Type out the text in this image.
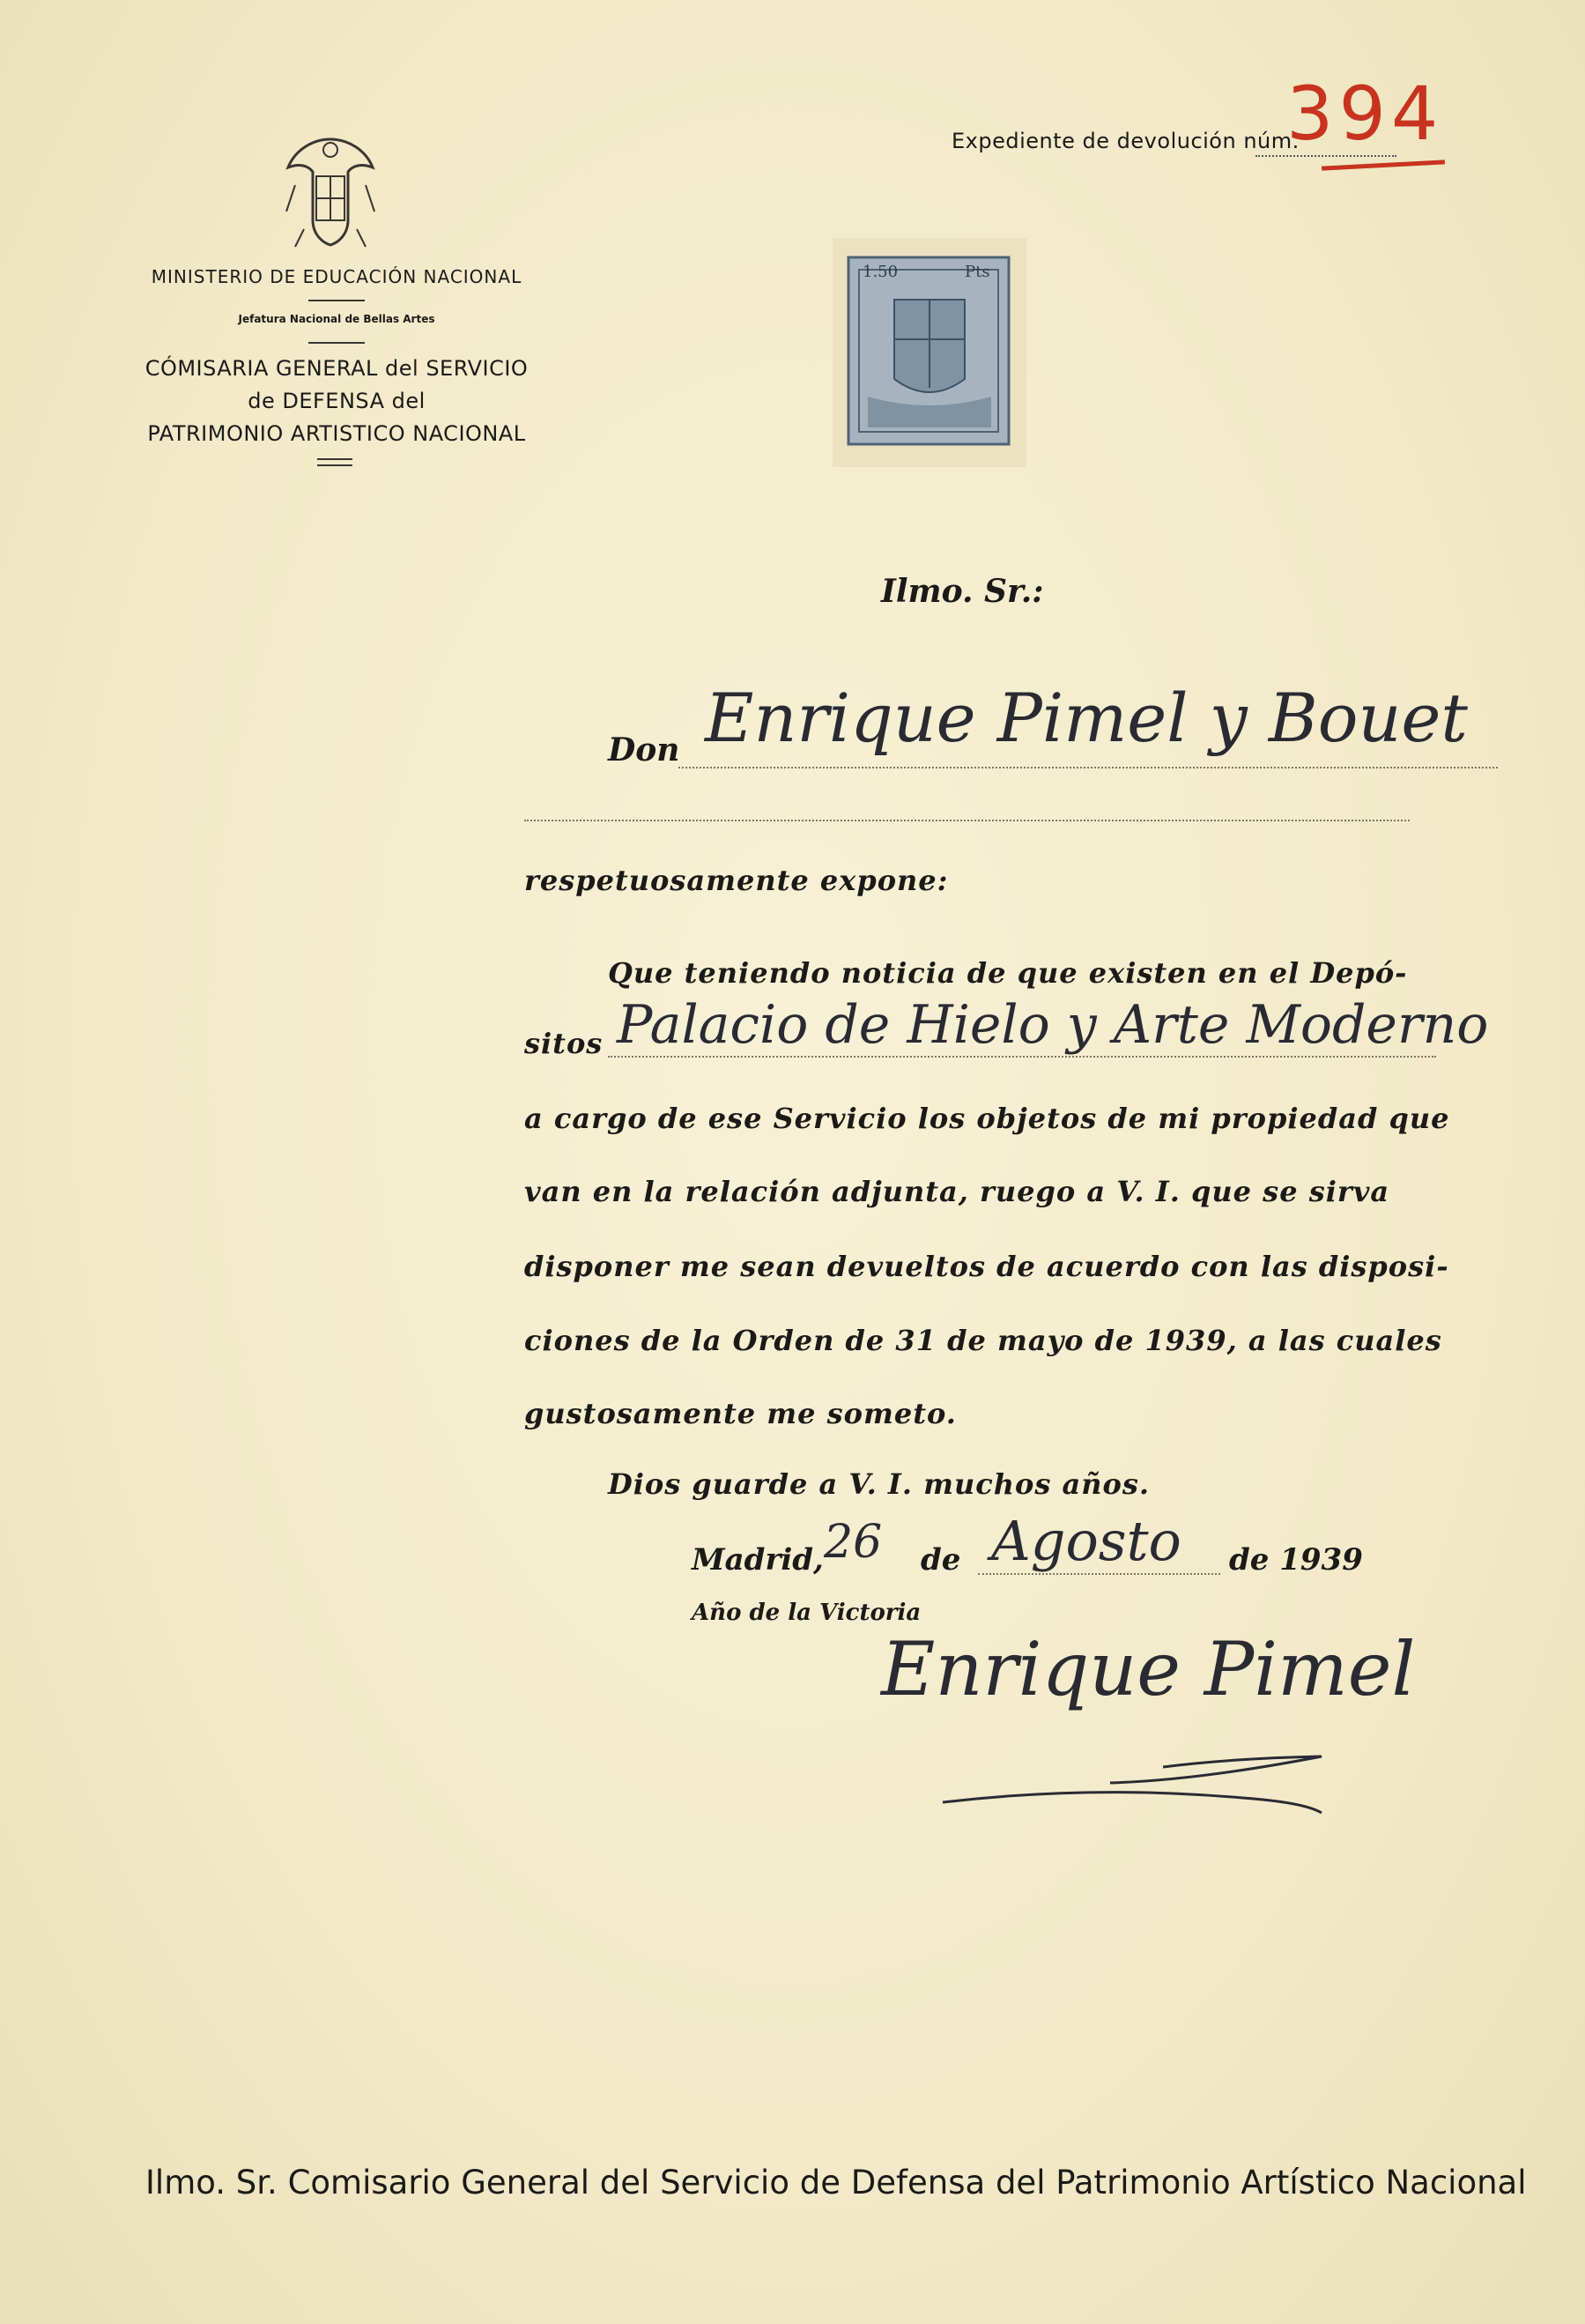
MINISTERIO DE EDUCACIÓN NACIONAL
Jefatura Nacional de Bellas Artes
CÓMISARIA GENERAL del SERVICIO
de DEFENSA del
PATRIMONIO ARTISTICO NACIONAL
Expediente de devolución núm.
394
1.50	Pts
Ilmo. Sr.:
Don Enrique Pimel y Bouet
respetuosamente expone:
Que teniendo noticia de que existen en el Depó-
sitos Palacio de Hielo y Arte Moderno
a cargo de ese Servicio los objetos de mi propiedad que
van en la relación adjunta, ruego a V. I. que se sirva
disponer me sean devueltos de acuerdo con las disposi-
ciones de la Orden de 31 de mayo de 1939, a las cuales
gustosamente me someto.
Dios guarde a V. I. muchos años.
Madrid, 26 de Agosto de 1939
Año de la Victoria
Enrique Pimel
Ilmo. Sr. Comisario General del Servicio de Defensa del Patrimonio Artístico Nacional
